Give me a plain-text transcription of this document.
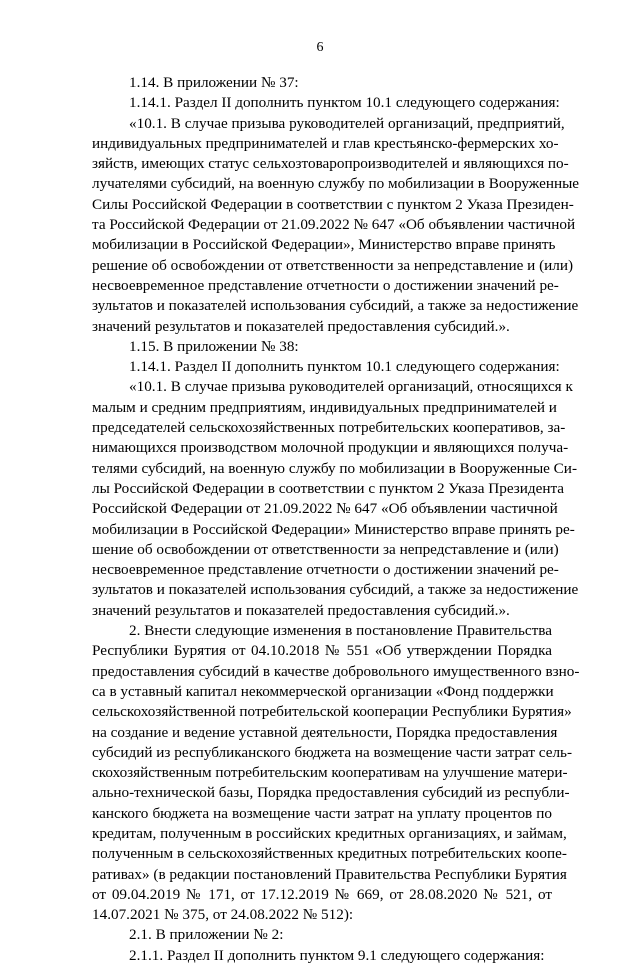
6
1.14. В приложении № 37:
1.14.1. Раздел II дополнить пунктом 10.1 следующего содержания:
«10.1. В случае призыва руководителей организаций, предприятий,
индивидуальных предпринимателей и глав крестьянско-фермерских хо-
зяйств, имеющих статус сельхозтоваропроизводителей и являющихся по-
лучателями субсидий, на военную службу по мобилизации в Вооруженные
Силы Российской Федерации в соответствии с пунктом 2 Указа Президен-
та Российской Федерации от 21.09.2022 № 647 «Об объявлении частичной
мобилизации в Российской Федерации», Министерство вправе принять
решение об освобождении от ответственности за непредставление и (или)
несвоевременное представление отчетности о достижении значений ре-
зультатов и показателей использования субсидий, а также за недостижение
значений результатов и показателей предоставления субсидий.».
1.15. В приложении № 38:
1.14.1. Раздел II дополнить пунктом 10.1 следующего содержания:
«10.1. В случае призыва руководителей организаций, относящихся к
малым и средним предприятиям, индивидуальных предпринимателей и
председателей сельскохозяйственных потребительских кооперативов, за-
нимающихся производством молочной продукции и являющихся получа-
телями субсидий, на военную службу по мобилизации в Вооруженные Си-
лы Российской Федерации в соответствии с пунктом 2 Указа Президента
Российской Федерации от 21.09.2022 № 647 «Об объявлении частичной
мобилизации в Российской Федерации» Министерство вправе принять ре-
шение об освобождении от ответственности за непредставление и (или)
несвоевременное представление отчетности о достижении значений ре-
зультатов и показателей использования субсидий, а также за недостижение
значений результатов и показателей предоставления субсидий.».
2. Внести следующие изменения в постановление Правительства
Республики Бурятия от 04.10.2018 № 551 «Об утверждении Порядка
предоставления субсидий в качестве добровольного имущественного взно-
са в уставный капитал некоммерческой организации «Фонд поддержки
сельскохозяйственной потребительской кооперации Республики Бурятия»
на создание и ведение уставной деятельности, Порядка предоставления
субсидий из республиканского бюджета на возмещение части затрат сель-
скохозяйственным потребительским кооперативам на улучшение матери-
ально-технической базы, Порядка предоставления субсидий из республи-
канского бюджета на возмещение части затрат на уплату процентов по
кредитам, полученным в российских кредитных организациях, и займам,
полученным в сельскохозяйственных кредитных потребительских коопе-
ративах» (в редакции постановлений Правительства Республики Бурятия
от 09.04.2019 № 171, от 17.12.2019 № 669, от 28.08.2020 № 521, от
14.07.2021 № 375, от 24.08.2022 № 512):
2.1. В приложении № 2:
2.1.1. Раздел II дополнить пунктом 9.1 следующего содержания:
